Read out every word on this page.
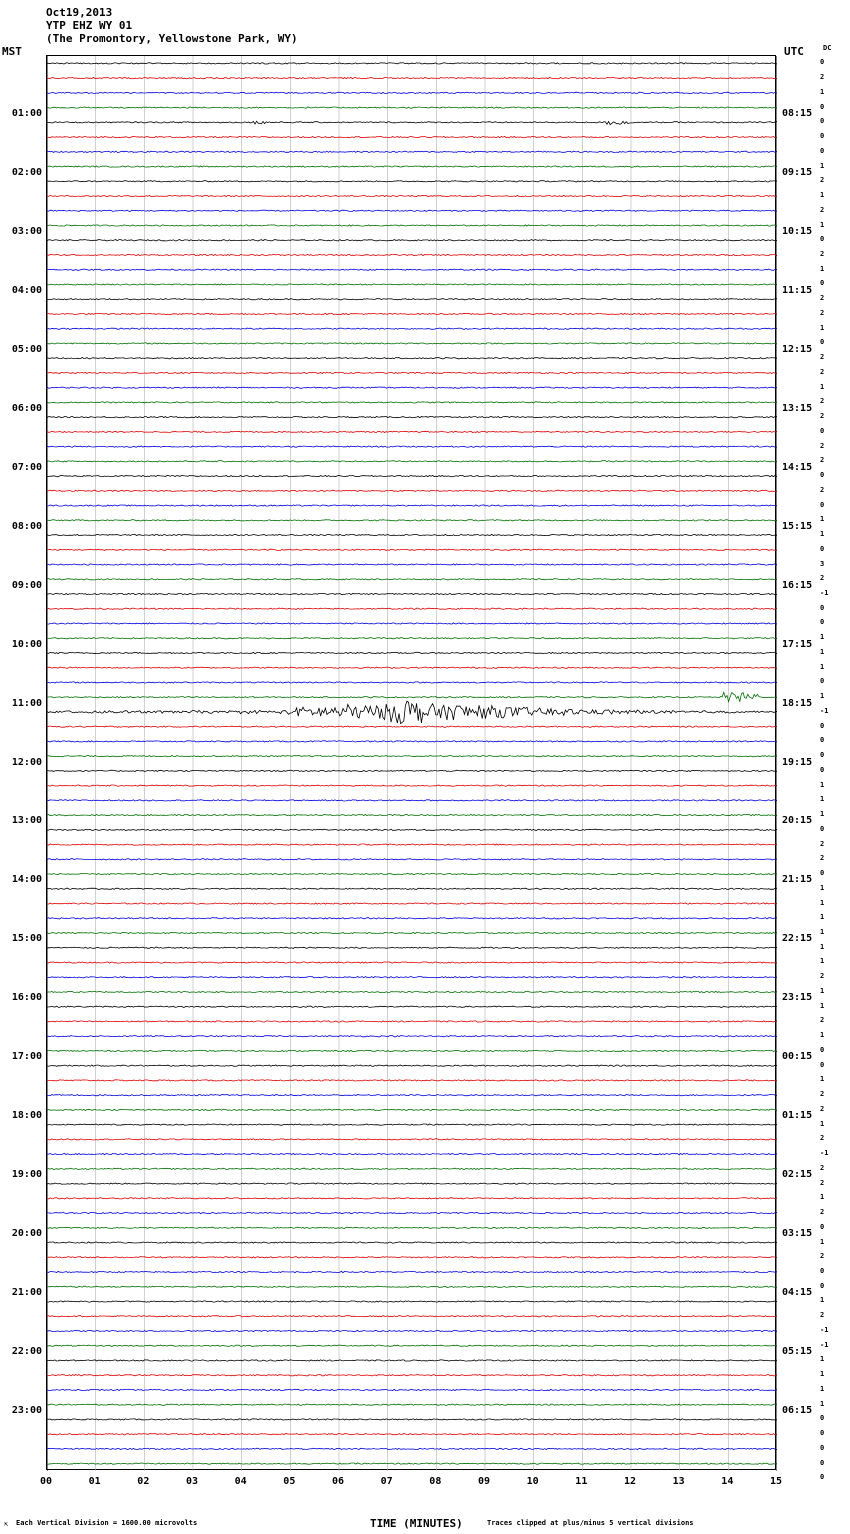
Oct19,2013
YTP EHZ WY 01
(The Promontory, Yellowstone Park, WY)
MST	UTC	DC
01:00
02:00
03:00
04:00
05:00
06:00
07:00
08:00
09:00
10:00
11:00
12:00
13:00
14:00
15:00
16:00
17:00
18:00
19:00
20:00
21:00
22:00
23:00
08:15
09:15
10:15
11:15
12:15
13:15
14:15
15:15
16:15
17:15
18:15
19:15
20:15
21:15
22:15
23:15
00:15
01:15
02:15
03:15
04:15
05:15
06:15
0
2
1
0
0
0
0
1
2
1
2
1
0
2
1
0
2
2
1
0
2
2
1
2
2
0
2
2
0
2
0
1
1
0
3
2
-1
0
0
1
1
1
0
1
-1
0
0
0
0
1
1
1
0
2
2
0
1
1
1
1
1
1
2
1
1
2
1
0
0
1
2
2
1
2
-1
2
2
1
2
0
1
2
0
0
1
2
-1
-1
1
1
1
1
0
0
0
0
0
00	01	02	03	04	05	06	07	08	09	10	11	12	13	14	15
⇱ Each Vertical Division = 1600.00 microvolts	TIME (MINUTES)	Traces clipped at plus/minus 5 vertical divisions
